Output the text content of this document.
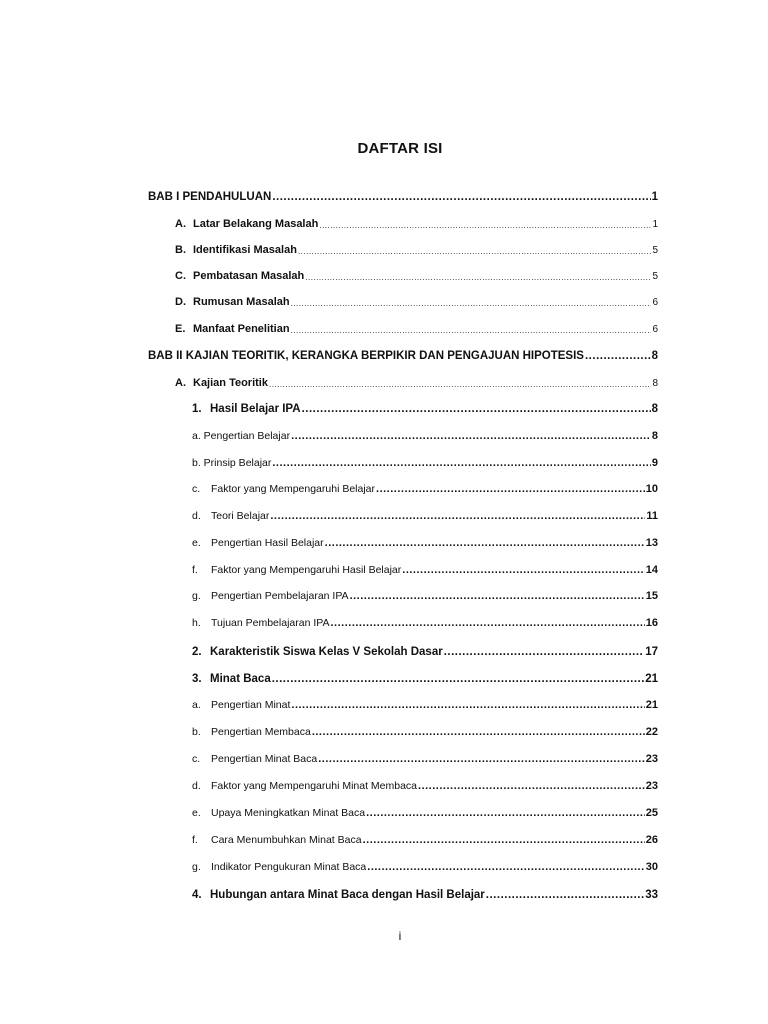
DAFTAR ISI
BAB I PENDAHULUAN .....	1
A. Latar Belakang Masalah .....	1
B. Identifikasi Masalah .....	5
C. Pembatasan Masalah .....	5
D. Rumusan Masalah .....	6
E. Manfaat Penelitian .....	6
BAB II KAJIAN TEORITIK, KERANGKA BERPIKIR DAN PENGAJUAN HIPOTESIS .....	8
A. Kajian Teoritik .....	8
1. Hasil Belajar IPA .....	8
a. Pengertian Belajar .....	8
b. Prinsip Belajar .....	9
c.	Faktor yang Mempengaruhi Belajar .....	10
d. Teori Belajar .....	11
e. Pengertian Hasil Belajar .....	13
f.	Faktor yang Mempengaruhi Hasil Belajar .....	14
g. Pengertian Pembelajaran IPA .....	15
h. Tujuan Pembelajaran IPA .....	16
2. Karakteristik Siswa Kelas V Sekolah Dasar .....	17
3. Minat Baca .....	21
a. Pengertian Minat .....	21
b. Pengertian Membaca .....	22
c.	Pengertian Minat Baca .....	23
d. Faktor yang Mempengaruhi Minat Membaca .....	23
e. Upaya Meningkatkan Minat Baca .....	25
f.	Cara Menumbuhkan Minat Baca .....	26
g. Indikator Pengukuran Minat Baca .....	30
4. Hubungan antara Minat Baca dengan Hasil Belajar .....	33
i
